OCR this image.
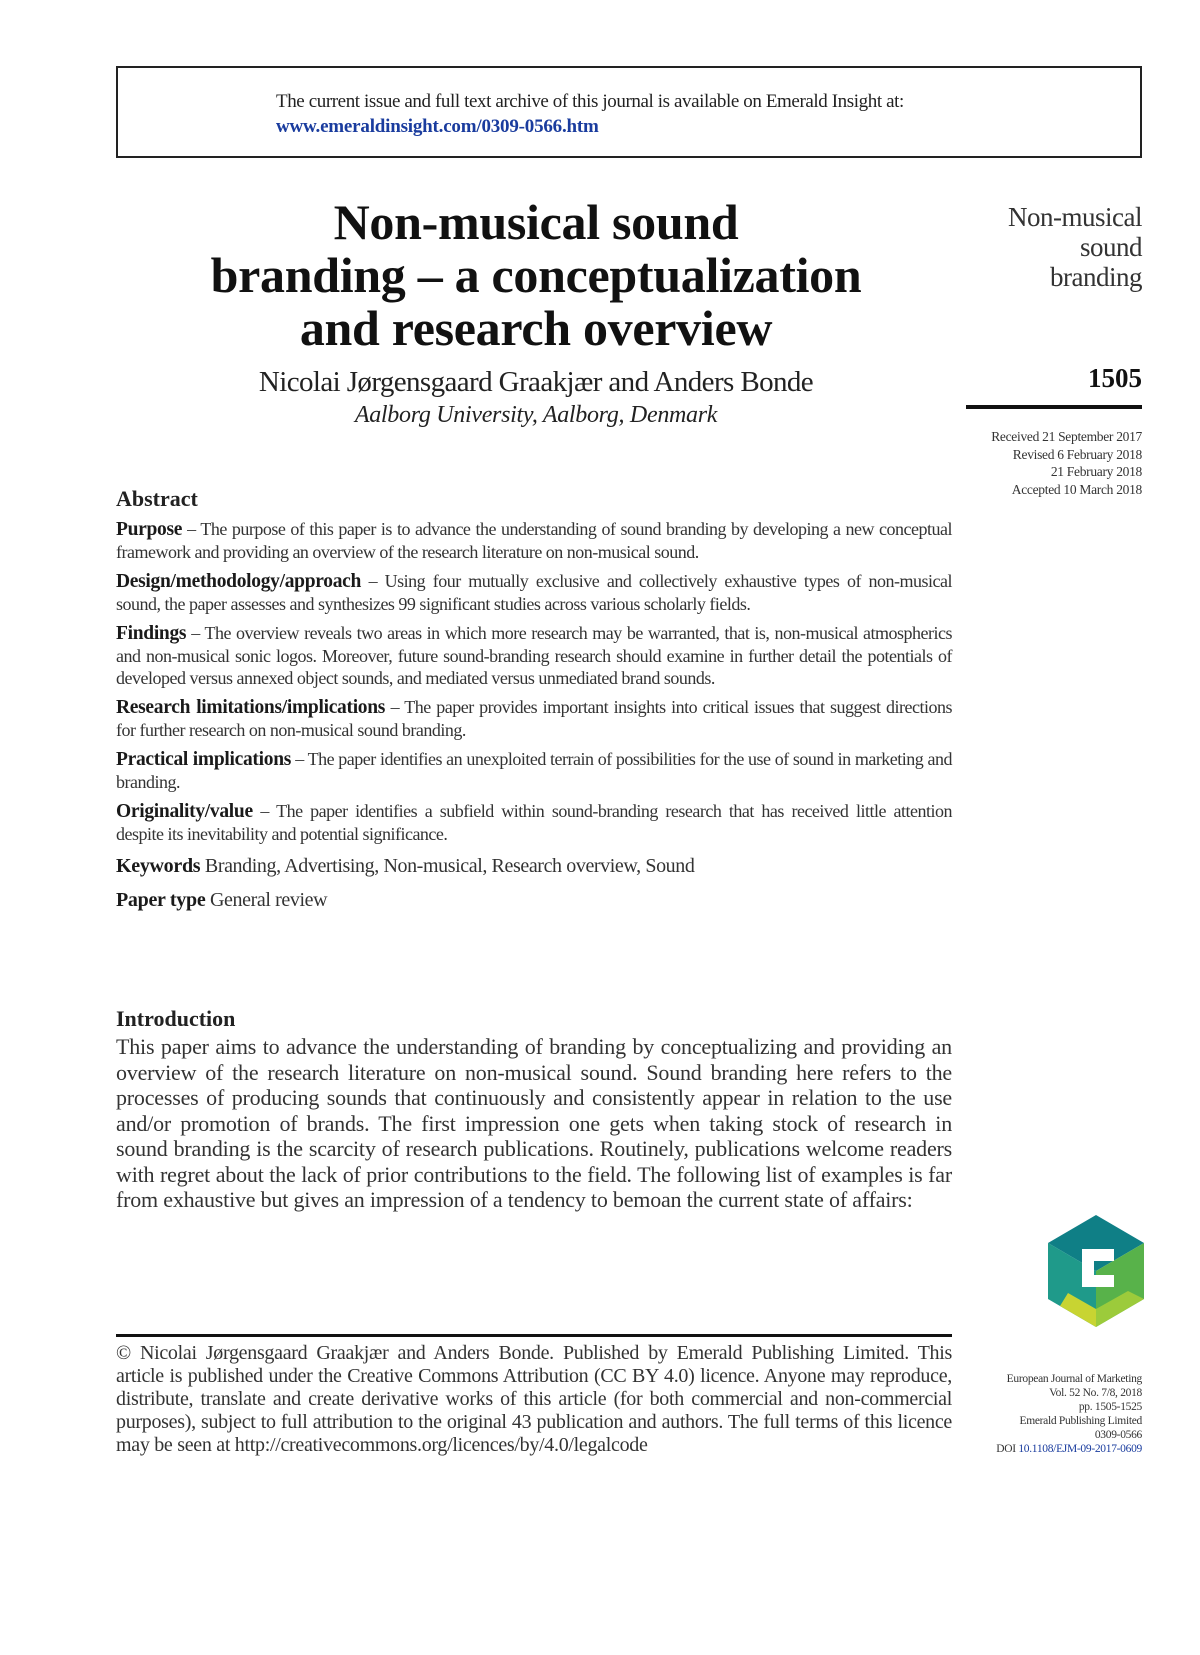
The current issue and full text archive of this journal is available on Emerald Insight at:
www.emeraldinsight.com/0309-0566.htm
Non-musical sound
branding – a conceptualization
and research overview
Nicolai Jørgensgaard Graakjær and Anders Bonde
Aalborg University, Aalborg, Denmark
Non-musical
sound
branding
1505
Received 21 September 2017
Revised 6 February 2018
21 February 2018
Accepted 10 March 2018
Abstract

Purpose – The purpose of this paper is to advance the understanding of sound branding by developing a new conceptual framework and providing an overview of the research literature on non-musical sound.

Design/methodology/approach – Using four mutually exclusive and collectively exhaustive types of non-musical sound, the paper assesses and synthesizes 99 significant studies across various scholarly fields.

Findings – The overview reveals two areas in which more research may be warranted, that is, non-musical atmospherics and non-musical sonic logos. Moreover, future sound-branding research should examine in further detail the potentials of developed versus annexed object sounds, and mediated versus unmediated brand sounds.

Research limitations/implications – The paper provides important insights into critical issues that suggest directions for further research on non-musical sound branding.

Practical implications – The paper identifies an unexploited terrain of possibilities for the use of sound in marketing and branding.

Originality/value – The paper identifies a subfield within sound-branding research that has received little attention despite its inevitability and potential significance.

Keywords Branding, Advertising, Non-musical, Research overview, Sound

Paper type General review

Introduction

This paper aims to advance the understanding of branding by conceptualizing and providing an overview of the research literature on non-musical sound. Sound branding here refers to the processes of producing sounds that continuously and consistently appear in relation to the use and/or promotion of brands. The first impression one gets when taking stock of research in sound branding is the scarcity of research publications. Routinely, publications welcome readers with regret about the lack of prior contributions to the field. The following list of examples is far from exhaustive but gives an impression of a tendency to bemoan the current state of affairs:

© Nicolai Jørgensgaard Graakjær and Anders Bonde. Published by Emerald Publishing Limited. This article is published under the Creative Commons Attribution (CC BY 4.0) licence. Anyone may reproduce, distribute, translate and create derivative works of this article (for both commercial and non-commercial purposes), subject to full attribution to the original 43 publication and authors. The full terms of this licence may be seen at http://creativecommons.org/licences/by/4.0/legalcode

European Journal of Marketing
Vol. 52 No. 7/8, 2018
pp. 1505-1525
Emerald Publishing Limited
0309-0566
DOI 10.1108/EJM-09-2017-0609
